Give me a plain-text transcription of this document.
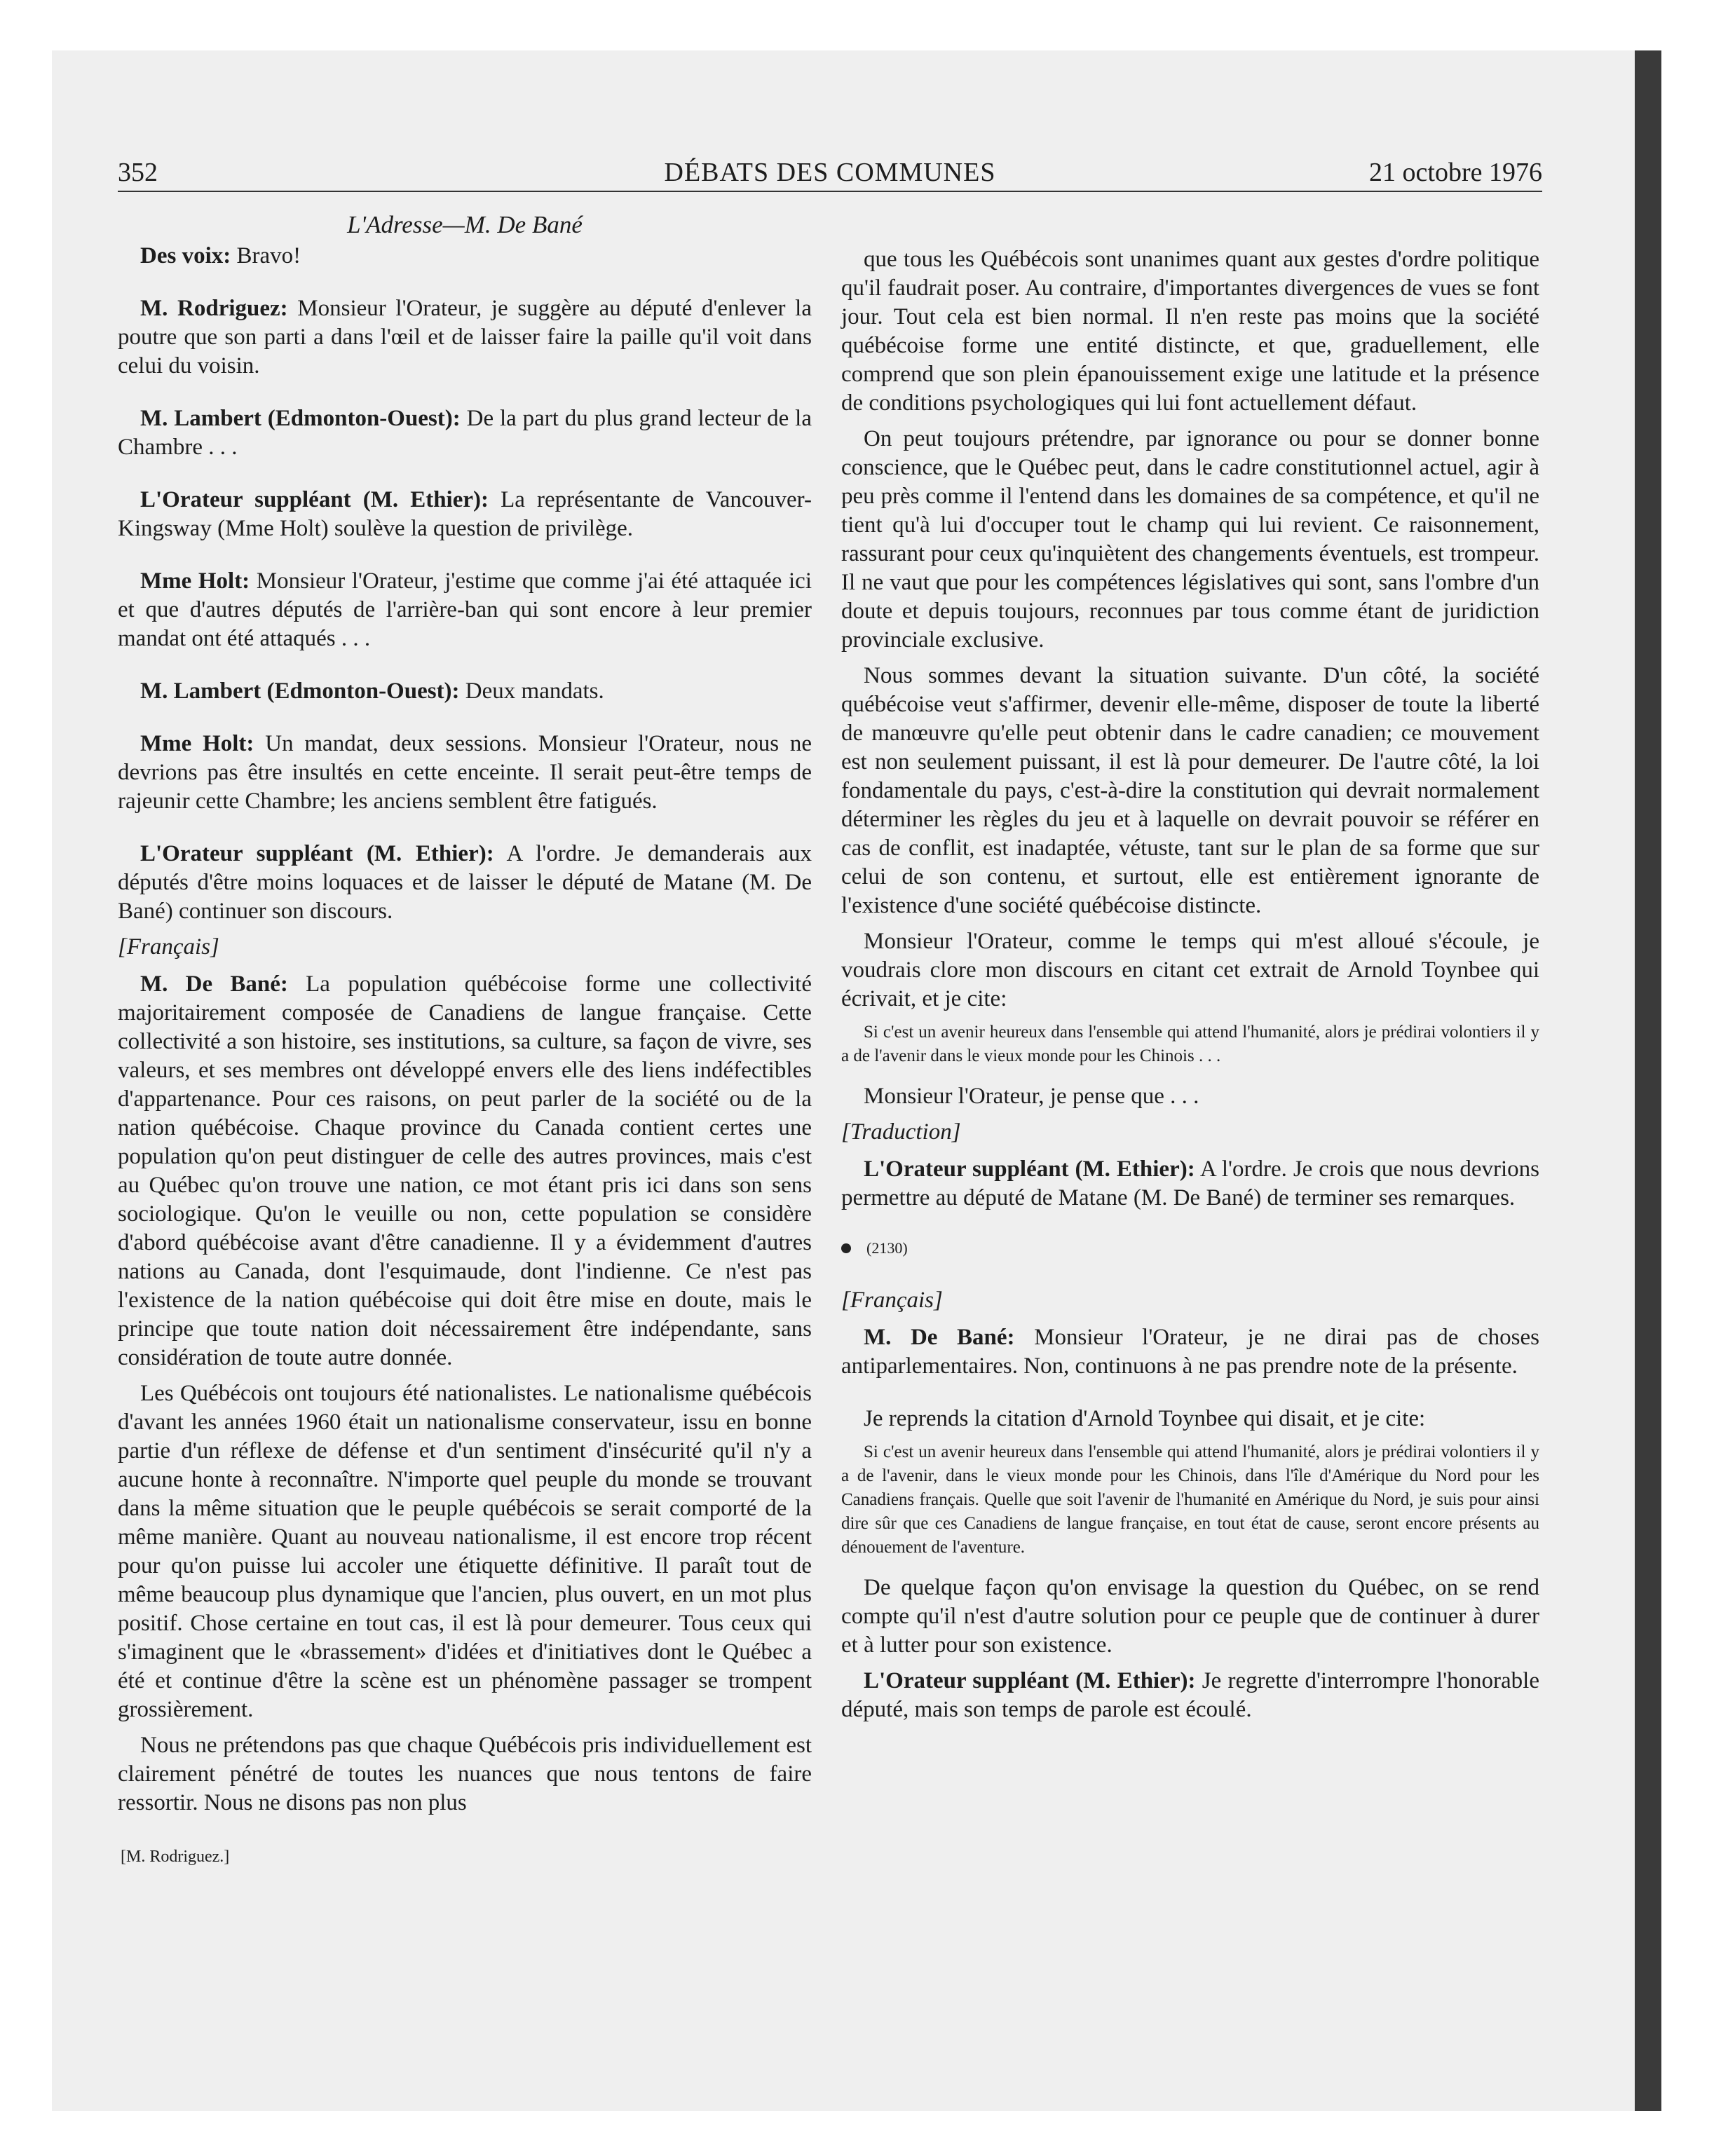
352	DÉBATS DES COMMUNES	21 octobre 1976
L'Adresse—M. De Bané

Des voix: Bravo!

M. Rodriguez: Monsieur l'Orateur, je suggère au député d'enlever la poutre que son parti a dans l'œil et de laisser faire la paille qu'il voit dans celui du voisin.

M. Lambert (Edmonton-Ouest): De la part du plus grand lecteur de la Chambre . . .

L'Orateur suppléant (M. Ethier): La représentante de Vancouver-Kingsway (Mme Holt) soulève la question de privilège.

Mme Holt: Monsieur l'Orateur, j'estime que comme j'ai été attaquée ici et que d'autres députés de l'arrière-ban qui sont encore à leur premier mandat ont été attaqués . . .

M. Lambert (Edmonton-Ouest): Deux mandats.

Mme Holt: Un mandat, deux sessions. Monsieur l'Orateur, nous ne devrions pas être insultés en cette enceinte. Il serait peut-être temps de rajeunir cette Chambre; les anciens semblent être fatigués.

L'Orateur suppléant (M. Ethier): A l'ordre. Je demanderais aux députés d'être moins loquaces et de laisser le député de Matane (M. De Bané) continuer son discours.

[Français]

M. De Bané: La population québécoise forme une collectivité majoritairement composée de Canadiens de langue française. Cette collectivité a son histoire, ses institutions, sa culture, sa façon de vivre, ses valeurs, et ses membres ont développé envers elle des liens indéfectibles d'appartenance. Pour ces raisons, on peut parler de la société ou de la nation québécoise. Chaque province du Canada contient certes une population qu'on peut distinguer de celle des autres provinces, mais c'est au Québec qu'on trouve une nation, ce mot étant pris ici dans son sens sociologique. Qu'on le veuille ou non, cette population se considère d'abord québécoise avant d'être canadienne. Il y a évidemment d'autres nations au Canada, dont l'esquimaude, dont l'indienne. Ce n'est pas l'existence de la nation québécoise qui doit être mise en doute, mais le principe que toute nation doit nécessairement être indépendante, sans considération de toute autre donnée.

Les Québécois ont toujours été nationalistes. Le nationalisme québécois d'avant les années 1960 était un nationalisme conservateur, issu en bonne partie d'un réflexe de défense et d'un sentiment d'insécurité qu'il n'y a aucune honte à reconnaître. N'importe quel peuple du monde se trouvant dans la même situation que le peuple québécois se serait comporté de la même manière. Quant au nouveau nationalisme, il est encore trop récent pour qu'on puisse lui accoler une étiquette définitive. Il paraît tout de même beaucoup plus dynamique que l'ancien, plus ouvert, en un mot plus positif. Chose certaine en tout cas, il est là pour demeurer. Tous ceux qui s'imaginent que le «brassement» d'idées et d'initiatives dont le Québec a été et continue d'être la scène est un phénomène passager se trompent grossièrement.

Nous ne prétendons pas que chaque Québécois pris individuellement est clairement pénétré de toutes les nuances que nous tentons de faire ressortir. Nous ne disons pas non plus

[M. Rodriguez.]

que tous les Québécois sont unanimes quant aux gestes d'ordre politique qu'il faudrait poser. Au contraire, d'importantes divergences de vues se font jour. Tout cela est bien normal. Il n'en reste pas moins que la société québécoise forme une entité distincte, et que, graduellement, elle comprend que son plein épanouissement exige une latitude et la présence de conditions psychologiques qui lui font actuellement défaut.

On peut toujours prétendre, par ignorance ou pour se donner bonne conscience, que le Québec peut, dans le cadre constitutionnel actuel, agir à peu près comme il l'entend dans les domaines de sa compétence, et qu'il ne tient qu'à lui d'occuper tout le champ qui lui revient. Ce raisonnement, rassurant pour ceux qu'inquiètent des changements éventuels, est trompeur. Il ne vaut que pour les compétences législatives qui sont, sans l'ombre d'un doute et depuis toujours, reconnues par tous comme étant de juridiction provinciale exclusive.

Nous sommes devant la situation suivante. D'un côté, la société québécoise veut s'affirmer, devenir elle-même, disposer de toute la liberté de manœuvre qu'elle peut obtenir dans le cadre canadien; ce mouvement est non seulement puissant, il est là pour demeurer. De l'autre côté, la loi fondamentale du pays, c'est-à-dire la constitution qui devrait normalement déterminer les règles du jeu et à laquelle on devrait pouvoir se référer en cas de conflit, est inadaptée, vétuste, tant sur le plan de sa forme que sur celui de son contenu, et surtout, elle est entièrement ignorante de l'existence d'une société québécoise distincte.

Monsieur l'Orateur, comme le temps qui m'est alloué s'écoule, je voudrais clore mon discours en citant cet extrait de Arnold Toynbee qui écrivait, et je cite:

Si c'est un avenir heureux dans l'ensemble qui attend l'humanité, alors je prédirai volontiers il y a de l'avenir dans le vieux monde pour les Chinois . . .

Monsieur l'Orateur, je pense que . . .

[Traduction]

L'Orateur suppléant (M. Ethier): A l'ordre. Je crois que nous devrions permettre au député de Matane (M. De Bané) de terminer ses remarques.

(2130)
[Français]

M. De Bané: Monsieur l'Orateur, je ne dirai pas de choses antiparlementaires. Non, continuons à ne pas prendre note de la présente.

Je reprends la citation d'Arnold Toynbee qui disait, et je cite:

Si c'est un avenir heureux dans l'ensemble qui attend l'humanité, alors je prédirai volontiers il y a de l'avenir, dans le vieux monde pour les Chinois, dans l'île d'Amérique du Nord pour les Canadiens français. Quelle que soit l'avenir de l'humanité en Amérique du Nord, je suis pour ainsi dire sûr que ces Canadiens de langue française, en tout état de cause, seront encore présents au dénouement de l'aventure.

De quelque façon qu'on envisage la question du Québec, on se rend compte qu'il n'est d'autre solution pour ce peuple que de continuer à durer et à lutter pour son existence.

L'Orateur suppléant (M. Ethier): Je regrette d'interrompre l'honorable député, mais son temps de parole est écoulé.
